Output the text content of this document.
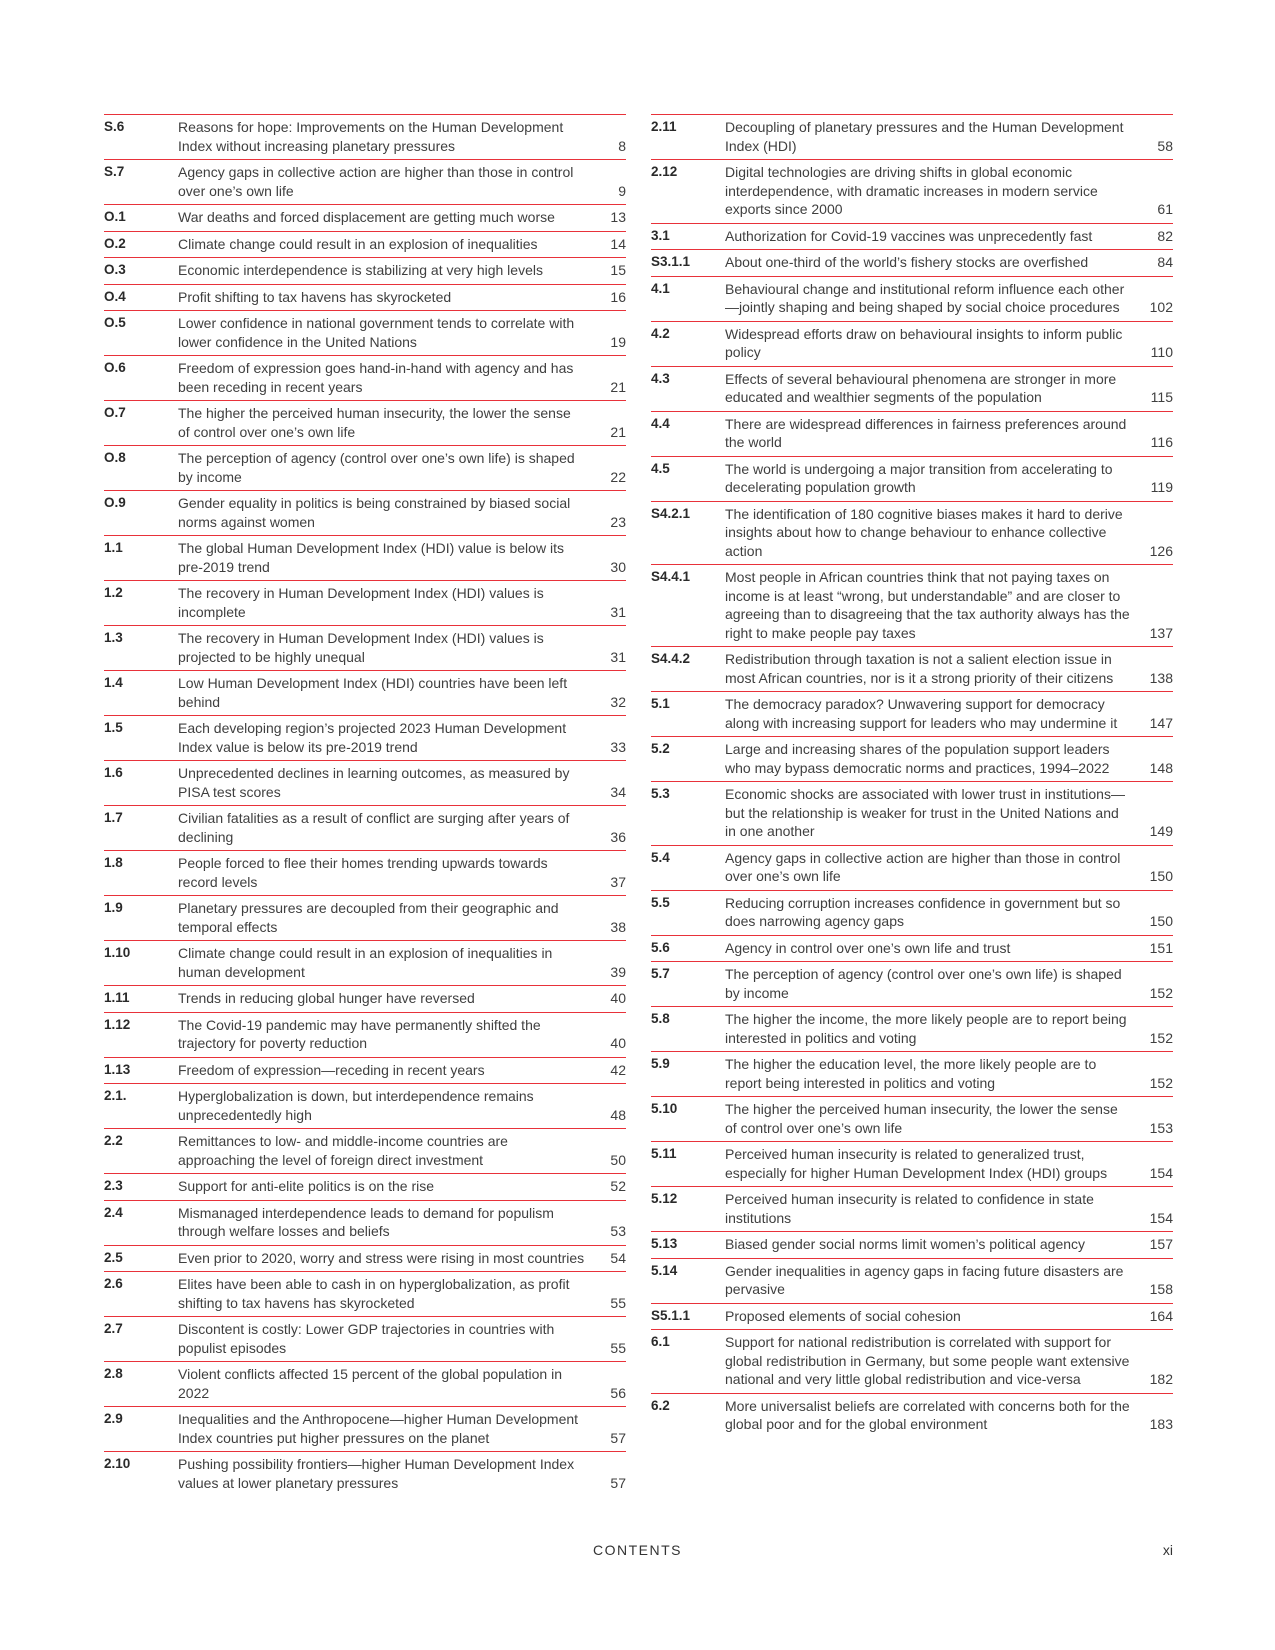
S.6	Reasons for hope: Improvements on the Human Development Index without increasing planetary pressures	8
S.7	Agency gaps in collective action are higher than those in control over one’s own life	9
O.1	War deaths and forced displacement are getting much worse	13
O.2	Climate change could result in an explosion of inequalities	14
O.3	Economic interdependence is stabilizing at very high levels	15
O.4	Profit shifting to tax havens has skyrocketed	16
O.5	Lower confidence in national government tends to correlate with lower confidence in the United Nations	19
O.6	Freedom of expression goes hand-in-hand with agency and has been receding in recent years	21
O.7	The higher the perceived human insecurity, the lower the sense of control over one’s own life	21
O.8	The perception of agency (control over one’s own life) is shaped by income	22
O.9	Gender equality in politics is being constrained by biased social norms against women	23
1.1	The global Human Development Index (HDI) value is below its pre-2019 trend	30
1.2	The recovery in Human Development Index (HDI) values is incomplete	31
1.3	The recovery in Human Development Index (HDI) values is projected to be highly unequal	31
1.4	Low Human Development Index (HDI) countries have been left behind	32
1.5	Each developing region’s projected 2023 Human Development Index value is below its pre-2019 trend	33
1.6	Unprecedented declines in learning outcomes, as measured by PISA test scores	34
1.7	Civilian fatalities as a result of conflict are surging after years of declining	36
1.8	People forced to flee their homes trending upwards towards record levels	37
1.9	Planetary pressures are decoupled from their geographic and temporal effects	38
1.10	Climate change could result in an explosion of inequalities in human development	39
1.11	Trends in reducing global hunger have reversed	40
1.12	The Covid-19 pandemic may have permanently shifted the trajectory for poverty reduction	40
1.13	Freedom of expression—receding in recent years	42
2.1.	Hyperglobalization is down, but interdependence remains unprecedentedly high	48
2.2	Remittances to low- and middle-income countries are approaching the level of foreign direct investment	50
2.3	Support for anti-elite politics is on the rise	52
2.4	Mismanaged interdependence leads to demand for populism through welfare losses and beliefs	53
2.5	Even prior to 2020, worry and stress were rising in most countries	54
2.6	Elites have been able to cash in on hyperglobalization, as profit shifting to tax havens has skyrocketed	55
2.7	Discontent is costly: Lower GDP trajectories in countries with populist episodes	55
2.8	Violent conflicts affected 15 percent of the global population in 2022	56
2.9	Inequalities and the Anthropocene—higher Human Development Index countries put higher pressures on the planet	57
2.10	Pushing possibility frontiers—higher Human Development Index values at lower planetary pressures	57
2.11	Decoupling of planetary pressures and the Human Development Index (HDI)	58
2.12	Digital technologies are driving shifts in global economic interdependence, with dramatic increases in modern service exports since 2000	61
3.1	Authorization for Covid-19 vaccines was unprecedently fast	82
S3.1.1	About one-third of the world’s fishery stocks are overfished	84
4.1	Behavioural change and institutional reform influence each other—jointly shaping and being shaped by social choice procedures	102
4.2	Widespread efforts draw on behavioural insights to inform public policy	110
4.3	Effects of several behavioural phenomena are stronger in more educated and wealthier segments of the population	115
4.4	There are widespread differences in fairness preferences around the world	116
4.5	The world is undergoing a major transition from accelerating to decelerating population growth	119
S4.2.1	The identification of 180 cognitive biases makes it hard to derive insights about how to change behaviour to enhance collective action	126
S4.4.1	Most people in African countries think that not paying taxes on income is at least “wrong, but understandable” and are closer to agreeing than to disagreeing that the tax authority always has the right to make people pay taxes	137
S4.4.2	Redistribution through taxation is not a salient election issue in most African countries, nor is it a strong priority of their citizens	138
5.1	The democracy paradox? Unwavering support for democracy along with increasing support for leaders who may undermine it	147
5.2	Large and increasing shares of the population support leaders who may bypass democratic norms and practices, 1994–2022	148
5.3	Economic shocks are associated with lower trust in institutions—but the relationship is weaker for trust in the United Nations and in one another	149
5.4	Agency gaps in collective action are higher than those in control over one’s own life	150
5.5	Reducing corruption increases confidence in government but so does narrowing agency gaps	150
5.6	Agency in control over one’s own life and trust	151
5.7	The perception of agency (control over one’s own life) is shaped by income	152
5.8	The higher the income, the more likely people are to report being interested in politics and voting	152
5.9	The higher the education level, the more likely people are to report being interested in politics and voting	152
5.10	The higher the perceived human insecurity, the lower the sense of control over one’s own life	153
5.11	Perceived human insecurity is related to generalized trust, especially for higher Human Development Index (HDI) groups	154
5.12	Perceived human insecurity is related to confidence in state institutions	154
5.13	Biased gender social norms limit women’s political agency	157
5.14	Gender inequalities in agency gaps in facing future disasters are pervasive	158
S5.1.1	Proposed elements of social cohesion	164
6.1	Support for national redistribution is correlated with support for global redistribution in Germany, but some people want extensive national and very little global redistribution and vice-versa	182
6.2	More universalist beliefs are correlated with concerns both for the global poor and for the global environment	183
CONTENTS	xi
